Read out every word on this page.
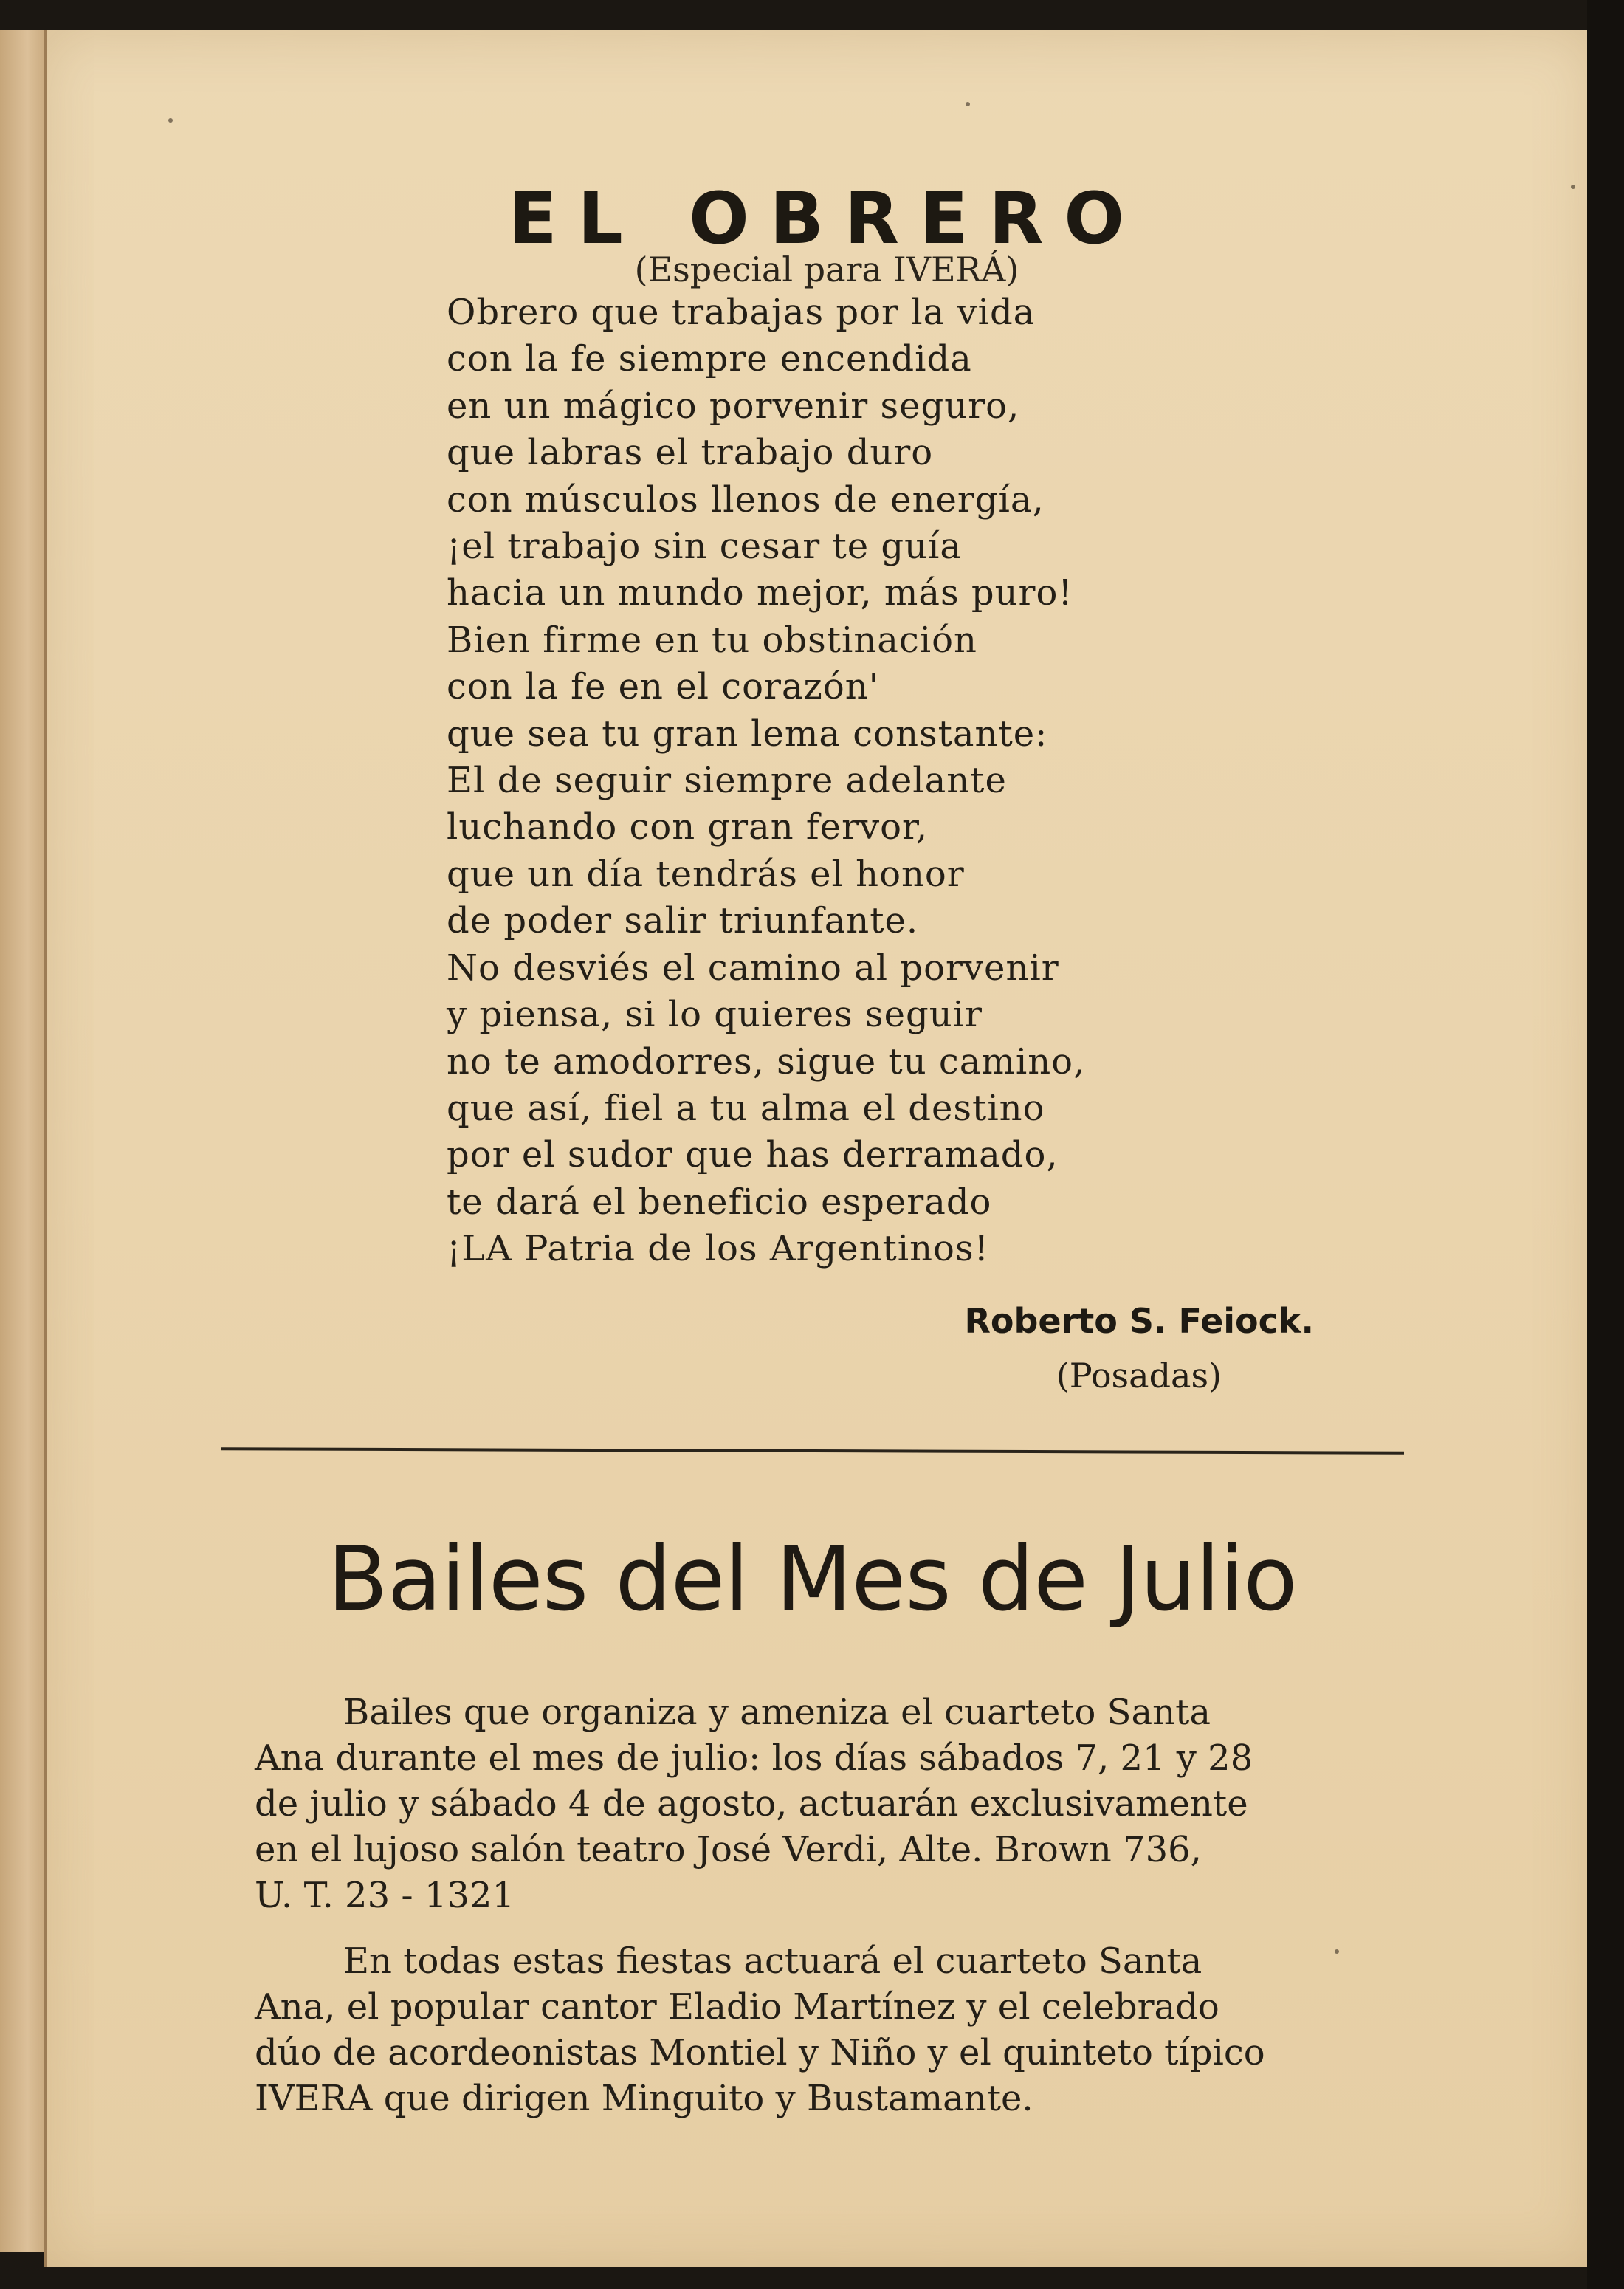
EL OBRERO
(Especial para IVERÁ)
Obrero que trabajas por la vida
con la fe siempre encendida
en un mágico porvenir seguro,
que labras el trabajo duro
con músculos llenos de energía,
¡el trabajo sin cesar te guía
hacia un mundo mejor, más puro!
Bien firme en tu obstinación
con la fe en el corazón'
que sea tu gran lema constante:
El de seguir siempre adelante
luchando con gran fervor,
que un día tendrás el honor
de poder salir triunfante.
No desviés el camino al porvenir
y piensa, si lo quieres seguir
no te amodorres, sigue tu camino,
que así, fiel a tu alma el destino
por el sudor que has derramado,
te dará el beneficio esperado
¡LA Patria de los Argentinos!
Roberto S. Feiock.
(Posadas)
Bailes del Mes de Julio
Bailes que organiza y ameniza el cuarteto Santa
Ana durante el mes de julio: los días sábados 7, 21 y 28
de julio y sábado 4 de agosto, actuarán exclusivamente
en el lujoso salón teatro José Verdi, Alte. Brown 736,
U. T. 23 - 1321
En todas estas fiestas actuará el cuarteto Santa
Ana, el popular cantor Eladio Martínez y el celebrado
dúo de acordeonistas Montiel y Niño y el quinteto típico
IVERA que dirigen Minguito y Bustamante.
